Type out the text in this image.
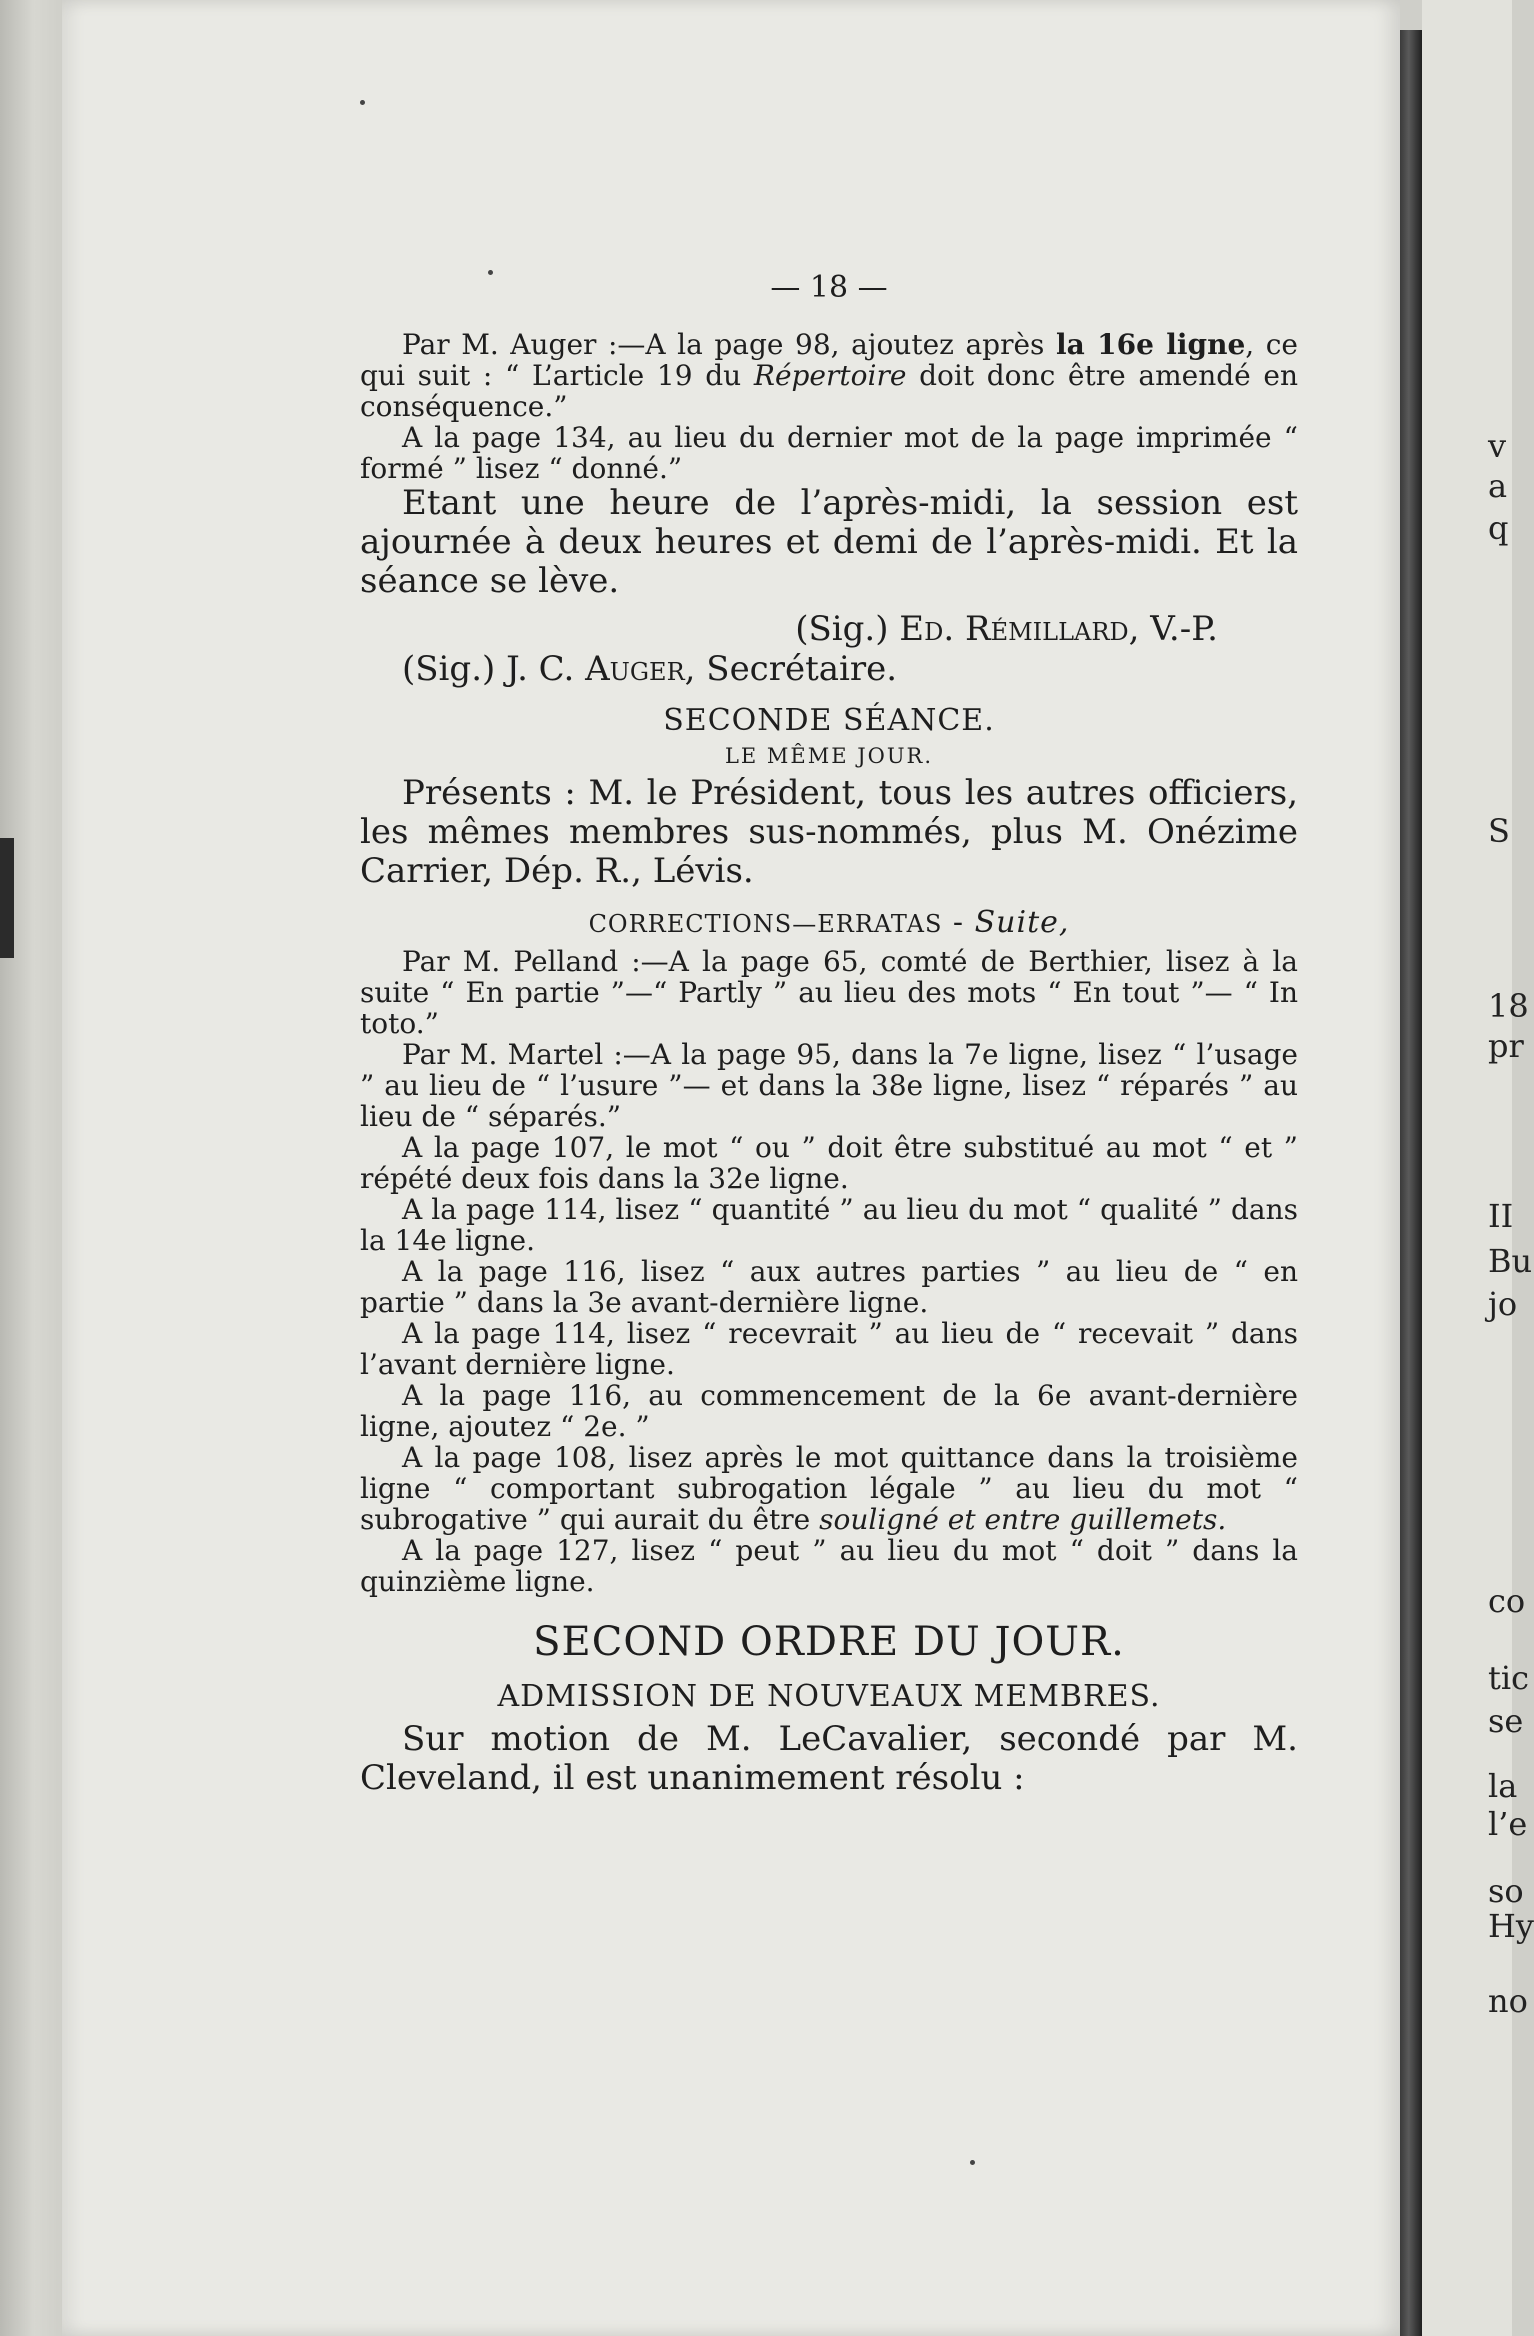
v
a
q
S
18
pr
II
Bu
jo
co
tic
se
la
l’e
so
Hy
no
— 18 —
Par M. Auger :—A la page 98, ajoutez après la 16e ligne, ce qui suit : “ L’article 19 du Répertoire doit donc être amendé en conséquence.”
A la page 134, au lieu du dernier mot de la page imprimée “ formé ” lisez “ donné.”
Etant une heure de l’après-midi, la session est ajournée à deux heures et demi de l’après-midi. Et la séance se lève.
(Sig.) Ed. Rémillard, V.-P.
(Sig.) J. C. Auger, Secrétaire.
SECONDE SÉANCE.
LE MÊME JOUR.
Présents : M. le Président, tous les autres officiers, les mêmes membres sus-nommés, plus M. Onézime Carrier, Dép. R., Lévis.
CORRECTIONS—ERRATAS - Suite,
Par M. Pelland :—A la page 65, comté de Berthier, lisez à la suite “ En partie ”—“ Partly ” au lieu des mots “ En tout ”— “ In toto.”
Par M. Martel :—A la page 95, dans la 7e ligne, lisez “ l’usage ” au lieu de “ l’usure ”— et dans la 38e ligne, lisez “ réparés ” au lieu de “ séparés.”
A la page 107, le mot “ ou ” doit être substitué au mot “ et ” répété deux fois dans la 32e ligne.
A la page 114, lisez “ quantité ” au lieu du mot “ qualité ” dans la 14e ligne.
A la page 116, lisez “ aux autres parties ” au lieu de “ en partie ” dans la 3e avant-dernière ligne.
A la page 114, lisez “ recevrait ” au lieu de “ recevait ” dans l’avant dernière ligne.
A la page 116, au commencement de la 6e avant-dernière ligne, ajoutez “ 2e. ”
A la page 108, lisez après le mot quittance dans la troisième ligne “ comportant subrogation légale ” au lieu du mot “ subrogative ” qui aurait du être souligné et entre guillemets.
A la page 127, lisez “ peut ” au lieu du mot “ doit ” dans la quinzième ligne.
SECOND ORDRE DU JOUR.
ADMISSION DE NOUVEAUX MEMBRES.
Sur motion de M. LeCavalier, secondé par M. Cleveland, il est unanimement résolu :
